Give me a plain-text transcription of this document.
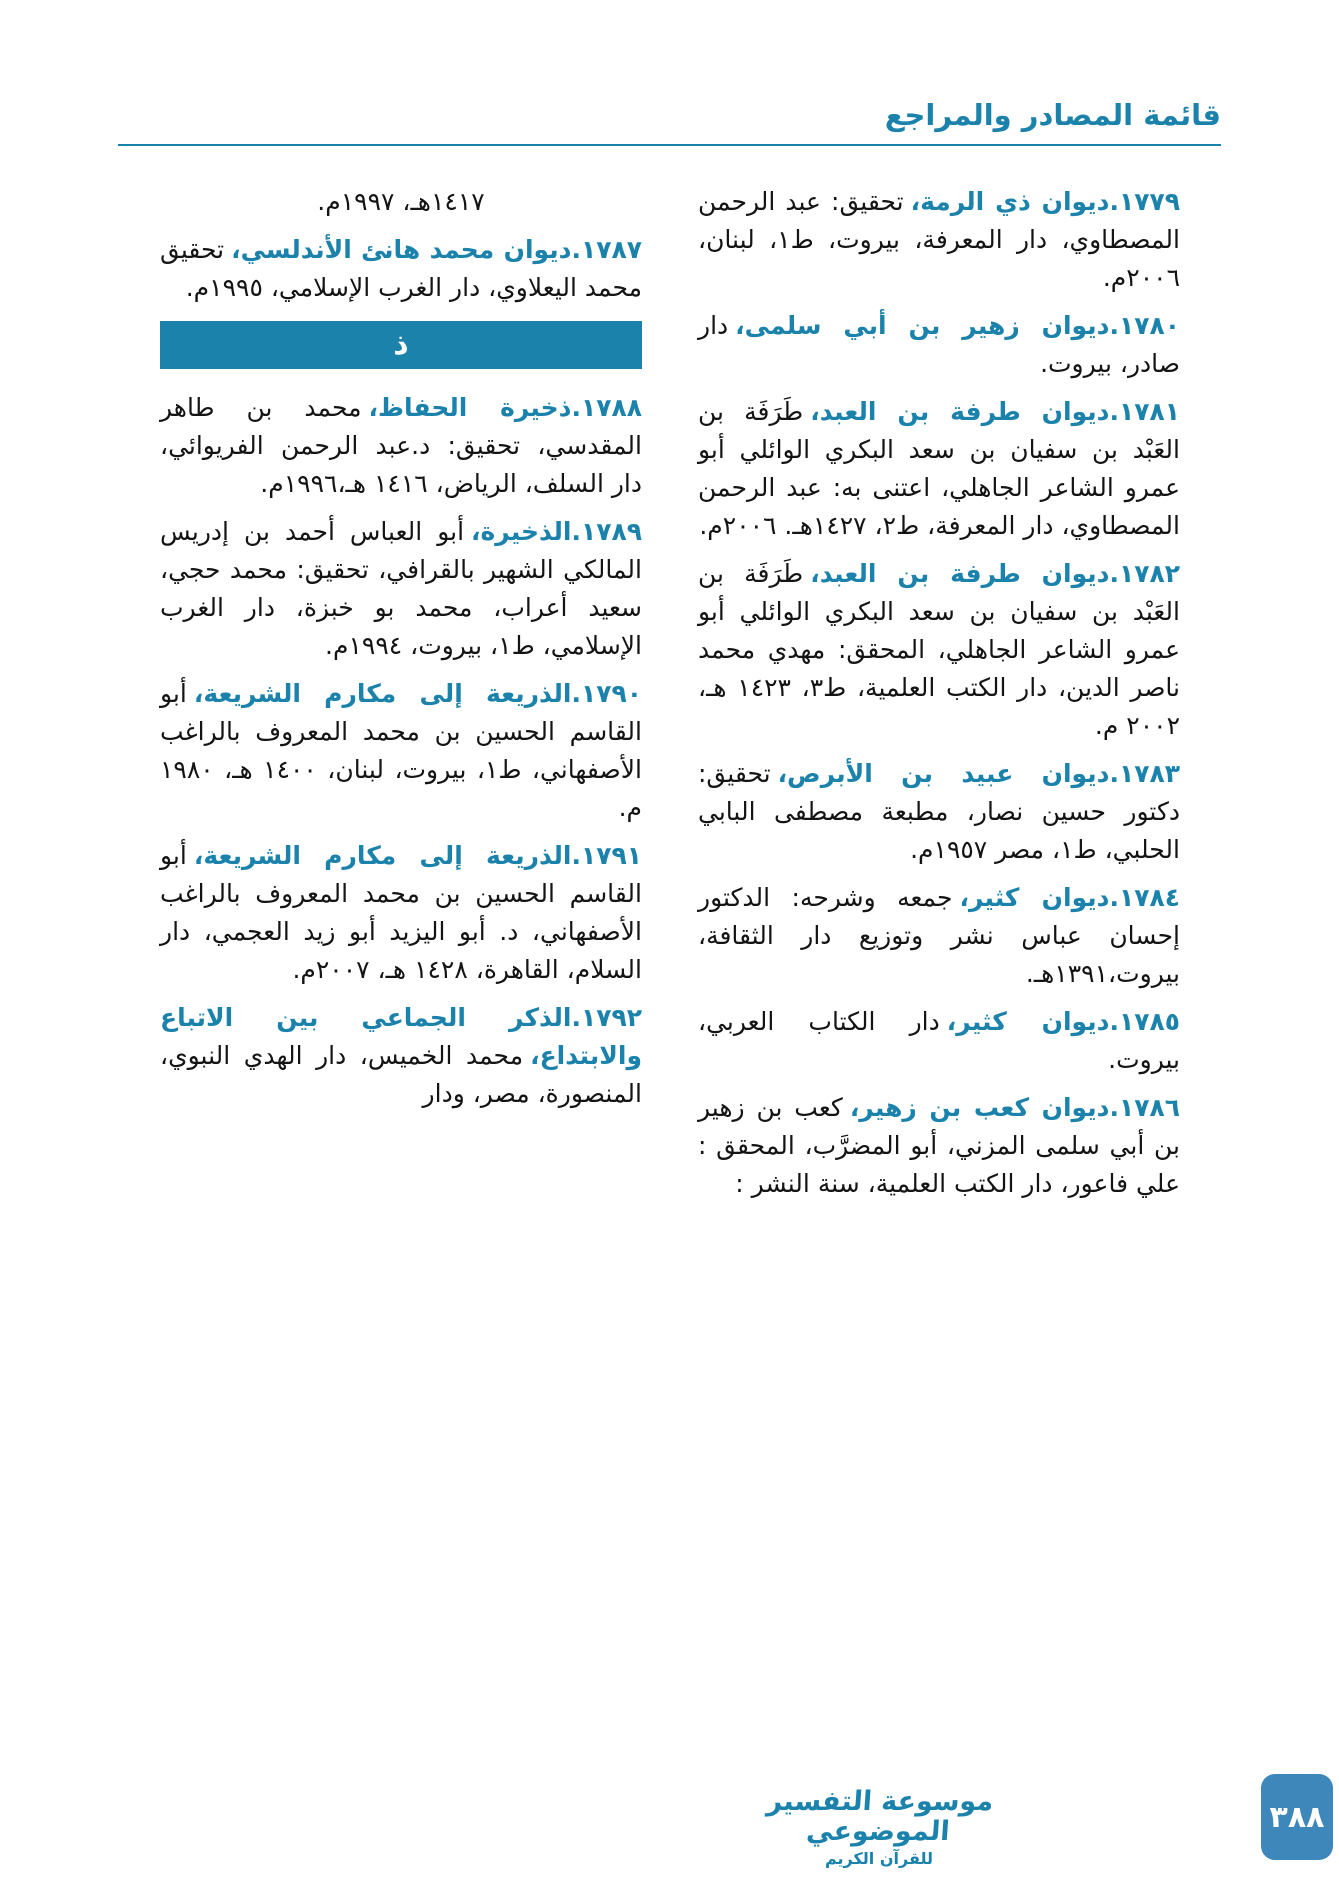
قائمة المصادر والمراجع

١٧٧٩.ديوان ذي الرمة،تحقيق: عبد الرحمن المصطاوي، دار المعرفة، بيروت، ط١، لبنان، ٢٠٠٦م.

١٧٨٠.ديوان زهير بن أبي سلمى،دار صادر، بيروت.

١٧٨١.ديوان طرفة بن العبد،طَرَفَة بن العَبْد بن سفيان بن سعد البكري الوائلي أبو عمرو الشاعر الجاهلي، اعتنى به: عبد الرحمن المصطاوي، دار المعرفة، ط٢، ١٤٢٧هـ. ٢٠٠٦م.

١٧٨٢.ديوان طرفة بن العبد،طَرَفَة بن العَبْد بن سفيان بن سعد البكري الوائلي أبو عمرو الشاعر الجاهلي، المحقق: مهدي محمد ناصر الدين، دار الكتب العلمية، ط٣، ١٤٢٣ هـ، ٢٠٠٢ م.

١٧٨٣.ديوان عبيد بن الأبرص،تحقيق: دكتور حسين نصار، مطبعة مصطفى البابي الحلبي، ط١، مصر ١٩٥٧م.

١٧٨٤.ديوان كثير،جمعه وشرحه: الدكتور إحسان عباس نشر وتوزيع دار الثقافة، بيروت،١٣٩١هـ.

١٧٨٥.ديوان كثير،دار الكتاب العربي، بيروت.

١٧٨٦.ديوان كعب بن زهير،كعب بن زهير بن أبي سلمى المزني، أبو المضرَّب، المحقق : علي فاعور، دار الكتب العلمية، سنة النشر :

١٤١٧هـ، ١٩٩٧م.

١٧٨٧.ديوان محمد هانئ الأندلسي،تحقيق محمد اليعلاوي، دار الغرب الإسلامي، ١٩٩٥م.

ذ

١٧٨٨.ذخيرة الحفاظ،محمد بن طاهر المقدسي، تحقيق: د.عبد الرحمن الفريوائي، دار السلف، الرياض، ١٤١٦ هـ،١٩٩٦م.

١٧٨٩.الذخيرة،أبو العباس أحمد بن إدريس المالكي الشهير بالقرافي، تحقيق: محمد حجي، سعيد أعراب، محمد بو خبزة، دار الغرب الإسلامي، ط١، بيروت، ١٩٩٤م.

١٧٩٠.الذريعة إلى مكارم الشريعة،أبو القاسم الحسين بن محمد المعروف بالراغب الأصفهاني، ط١، بيروت، لبنان، ١٤٠٠ هـ، ١٩٨٠ م.

١٧٩١.الذريعة إلى مكارم الشريعة،أبو القاسم الحسين بن محمد المعروف بالراغب الأصفهاني، د. أبو اليزيد أبو زيد العجمي، دار السلام، القاهرة، ١٤٢٨ هـ، ٢٠٠٧م.

١٧٩٢.الذكر الجماعي بين الاتباع والابتداع،محمد الخميس، دار الهدي النبوي، المنصورة، مصر، ودار

موسوعة التفسير الموضوعي
للقرآن الكريم
٣٨٨
